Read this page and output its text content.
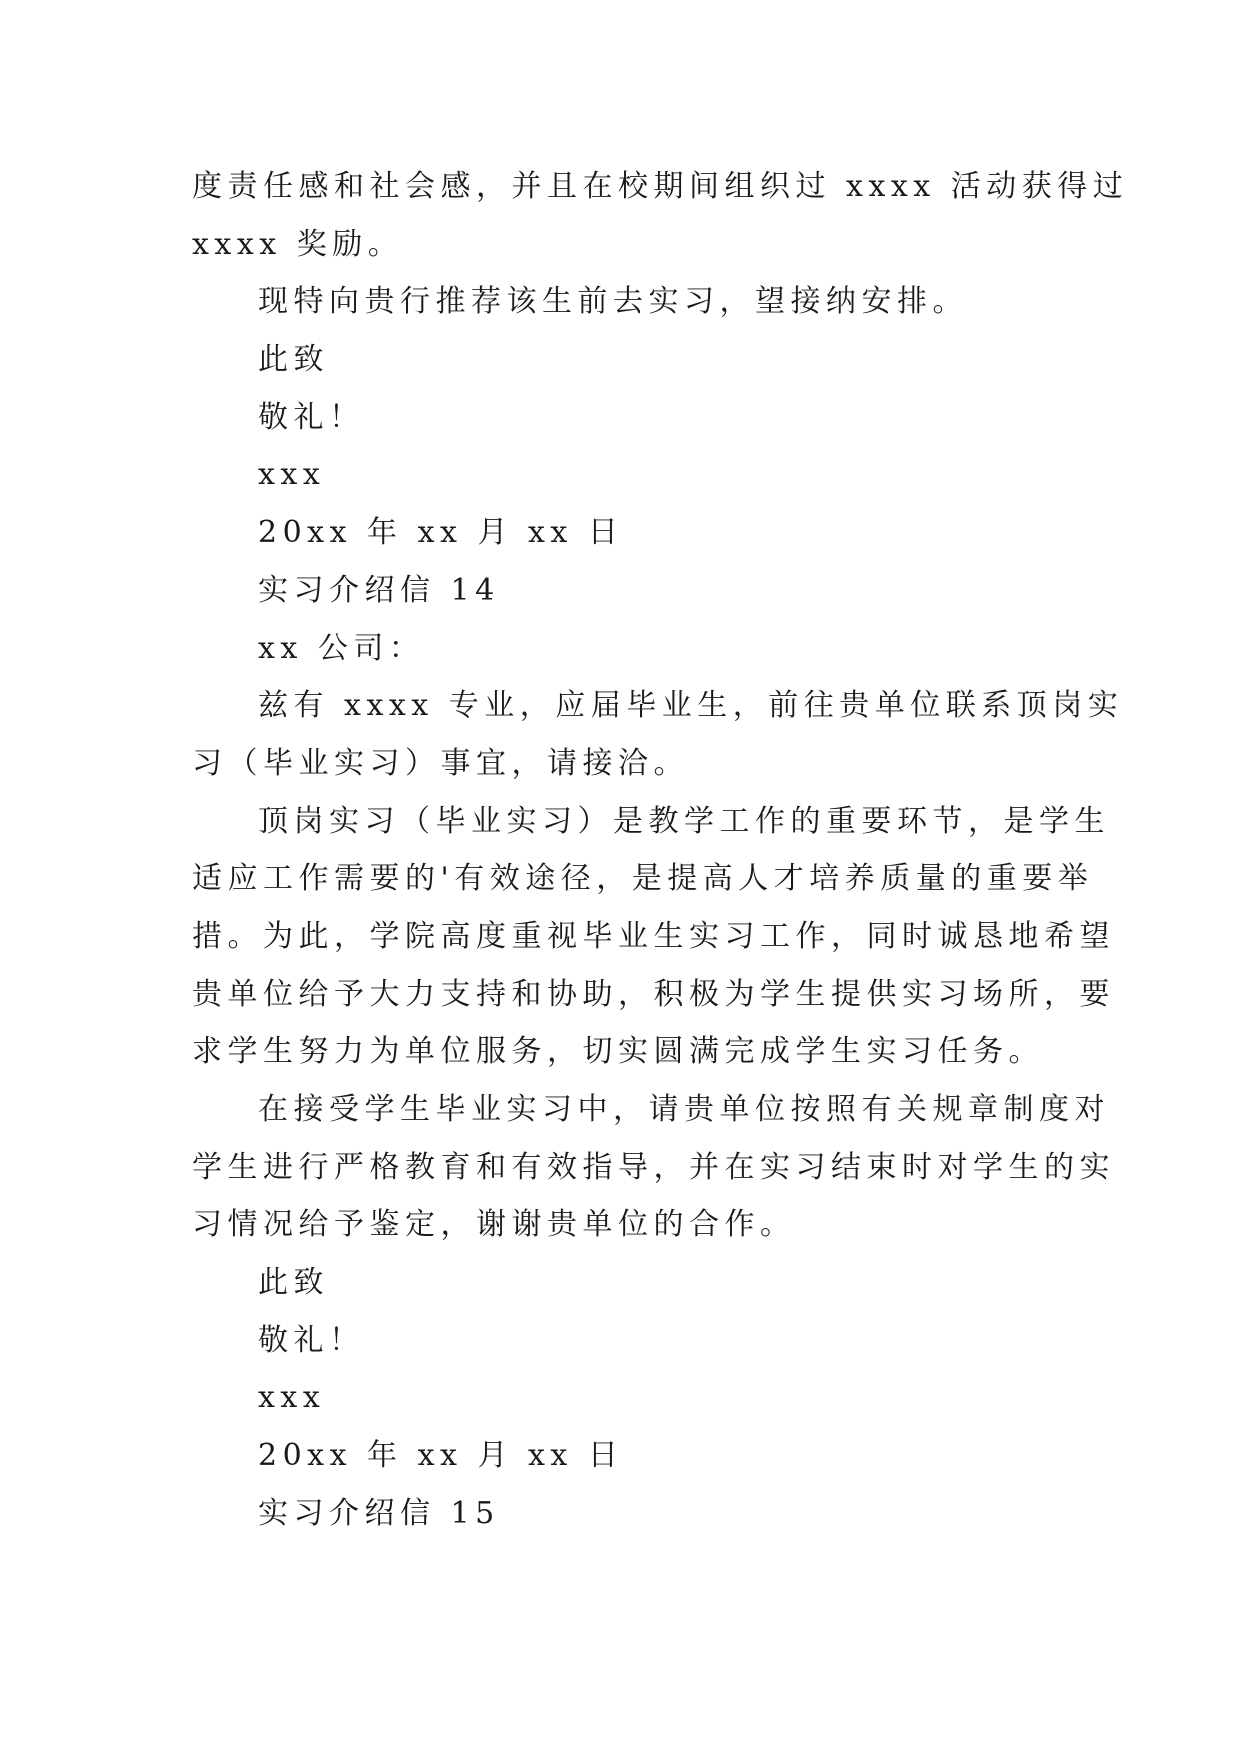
度责任感和社会感，并且在校期间组织过 xxxx 活动获得过
xxxx 奖励。
现特向贵行推荐该生前去实习，望接纳安排。
此致
敬礼！
xxx
20xx 年 xx 月 xx 日
实习介绍信 14
xx 公司：
兹有 xxxx 专业，应届毕业生，前往贵单位联系顶岗实
习（毕业实习）事宜，请接洽。
顶岗实习（毕业实习）是教学工作的重要环节，是学生
适应工作需要的'有效途径，是提高人才培养质量的重要举
措。为此，学院高度重视毕业生实习工作，同时诚恳地希望
贵单位给予大力支持和协助，积极为学生提供实习场所，要
求学生努力为单位服务，切实圆满完成学生实习任务。
在接受学生毕业实习中，请贵单位按照有关规章制度对
学生进行严格教育和有效指导，并在实习结束时对学生的实
习情况给予鉴定，谢谢贵单位的合作。
此致
敬礼！
xxx
20xx 年 xx 月 xx 日
实习介绍信 15
